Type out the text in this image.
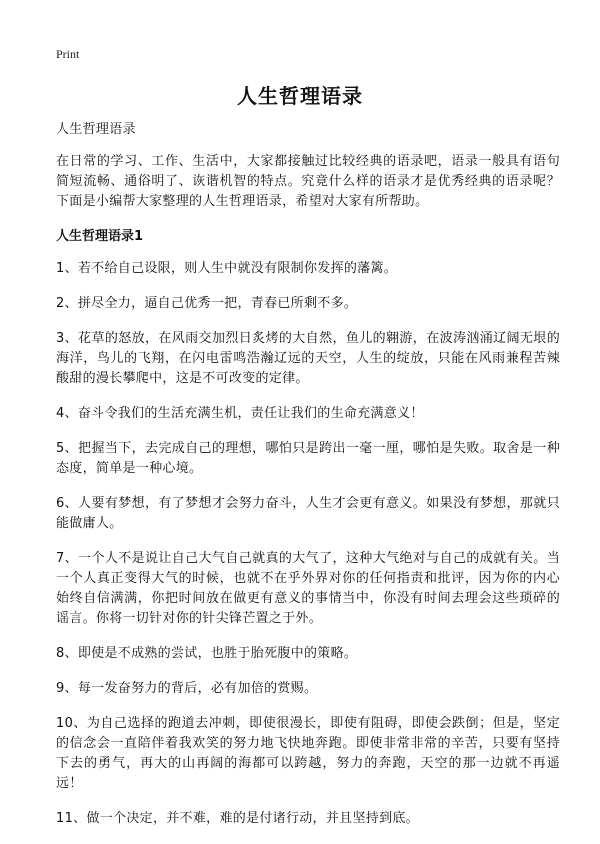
Print
人生哲理语录

人生哲理语录

在日常的学习、工作、生活中，大家都接触过比较经典的语录吧，语录一般具有语句简短流畅、通俗明了、诙谐机智的特点。究竟什么样的语录才是优秀经典的语录呢？下面是小编帮大家整理的人生哲理语录，希望对大家有所帮助。

人生哲理语录1

1、若不给自己设限，则人生中就没有限制你发挥的藩篱。

2、拼尽全力，逼自己优秀一把，青春已所剩不多。

3、花草的怒放，在风雨交加烈日炙烤的大自然，鱼儿的翱游，在波涛汹涌辽阔无垠的海洋，鸟儿的飞翔，在闪电雷鸣浩瀚辽远的天空，人生的绽放，只能在风雨兼程苦辣酸甜的漫长攀爬中，这是不可改变的定律。

4、奋斗令我们的生活充满生机，责任让我们的生命充满意义！

5、把握当下，去完成自己的理想，哪怕只是跨出一毫一厘，哪怕是失败。取舍是一种态度，简单是一种心境。

6、人要有梦想，有了梦想才会努力奋斗，人生才会更有意义。如果没有梦想，那就只能做庸人。

7、一个人不是说让自己大气自己就真的大气了，这种大气绝对与自己的成就有关。当一个人真正变得大气的时候，也就不在乎外界对你的任何指责和批评，因为你的内心始终自信满满，你把时间放在做更有意义的事情当中，你没有时间去理会这些琐碎的谣言。你将一切针对你的针尖锋芒置之于外。

8、即使是不成熟的尝试，也胜于胎死腹中的策略。

9、每一发奋努力的背后，必有加倍的赏赐。

10、为自己选择的跑道去冲刺，即使很漫长，即使有阻碍，即使会跌倒；但是，坚定的信念会一直陪伴着我欢笑的努力地飞快地奔跑。即使非常非常的辛苦，只要有坚持下去的勇气，再大的山再阔的海都可以跨越，努力的奔跑，天空的那一边就不再遥远！

11、做一个决定，并不难，难的是付诸行动，并且坚持到底。
